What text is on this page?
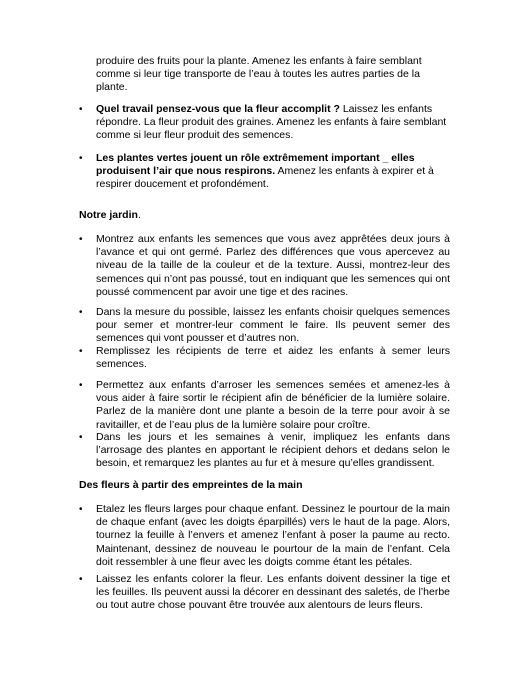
produire des fruits pour la plante. Amenez les enfants à faire semblant comme si leur tige transporte de l’eau à toutes les autres parties de la plante.

• Quel travail pensez-vous que la fleur accomplit ? Laissez les enfants répondre. La fleur produit des graines. Amenez les enfants à faire semblant comme si leur fleur produit des semences.

• Les plantes vertes jouent un rôle extrêmement important _ elles produisent l’air que nous respirons. Amenez les enfants à expirer et à respirer doucement et profondément.

Notre jardin.

• Montrez aux enfants les semences que vous avez apprêtées deux jours à l’avance et qui ont germé. Parlez des différences que vous apercevez au niveau de la taille de la couleur et de la texture. Aussi, montrez-leur des semences qui n’ont pas poussé, tout en indiquant que les semences qui ont poussé commencent par avoir une tige et des racines.

• Dans la mesure du possible, laissez les enfants choisir quelques semences pour semer et montrer-leur comment le faire. Ils peuvent semer des semences qui vont pousser et d’autres non.

• Remplissez les récipients de terre et aidez les enfants à semer leurs semences.

• Permettez aux enfants d’arroser les semences semées et amenez-les à vous aider à faire sortir le récipient afin de bénéficier de la lumière solaire. Parlez de la manière dont une plante a besoin de la terre pour avoir à se ravitailler, et de l’eau plus de la lumière solaire pour croître.

• Dans les jours et les semaines à venir, impliquez les enfants dans l’arrosage des plantes en apportant le récipient dehors et dedans selon le besoin, et remarquez les plantes au fur et à mesure qu’elles grandissent.

Des fleurs à partir des empreintes de la main

• Etalez les fleurs larges pour chaque enfant. Dessinez le pourtour de la main de chaque enfant (avec les doigts éparpillés) vers le haut de la page. Alors, tournez la feuille à l’envers et amenez l’enfant à poser la paume au recto. Maintenant, dessinez de nouveau le pourtour de la main de l’enfant. Cela doit ressembler à une fleur avec les doigts comme étant les pétales.

• Laissez les enfants colorer la fleur. Les enfants doivent dessiner la tige et les feuilles. Ils peuvent aussi la décorer en dessinant des saletés, de l’herbe ou tout autre chose pouvant être trouvée aux alentours de leurs fleurs.
